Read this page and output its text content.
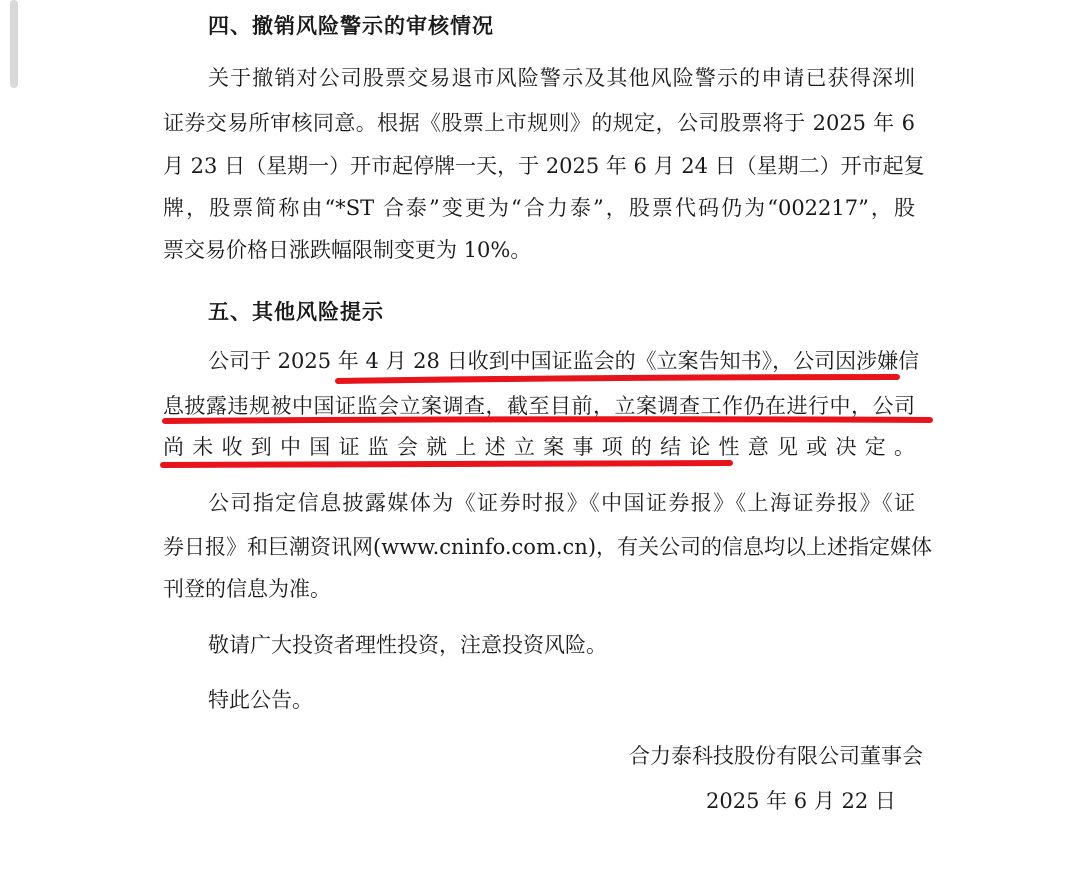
四、撤销风险警示的审核情况
关于撤销对公司股票交易退市风险警示及其他风险警示的申请已获得深圳
证券交易所审核同意。根据《股票上市规则》的规定，公司股票将于 2025 年 6
月 23 日（星期一）开市起停牌一天，于 2025 年 6 月 24 日（星期二）开市起复
牌，股票简称由“*ST 合泰”变更为“合力泰”，股票代码仍为“002217”，股
票交易价格日涨跌幅限制变更为 10%。
五、其他风险提示
公司于 2025 年 4 月 28 日收到中国证监会的《立案告知书》，公司因涉嫌信
息披露违规被中国证监会立案调查，截至目前，立案调查工作仍在进行中，公司
尚未收到中国证监会就上述立案事项的结论性意见或决定。
公司指定信息披露媒体为《证券时报》《中国证券报》《上海证券报》《证
券日报》和巨潮资讯网(www.cninfo.com.cn)，有关公司的信息均以上述指定媒体
刊登的信息为准。
敬请广大投资者理性投资，注意投资风险。
特此公告。
合力泰科技股份有限公司董事会
2025 年 6 月 22 日
